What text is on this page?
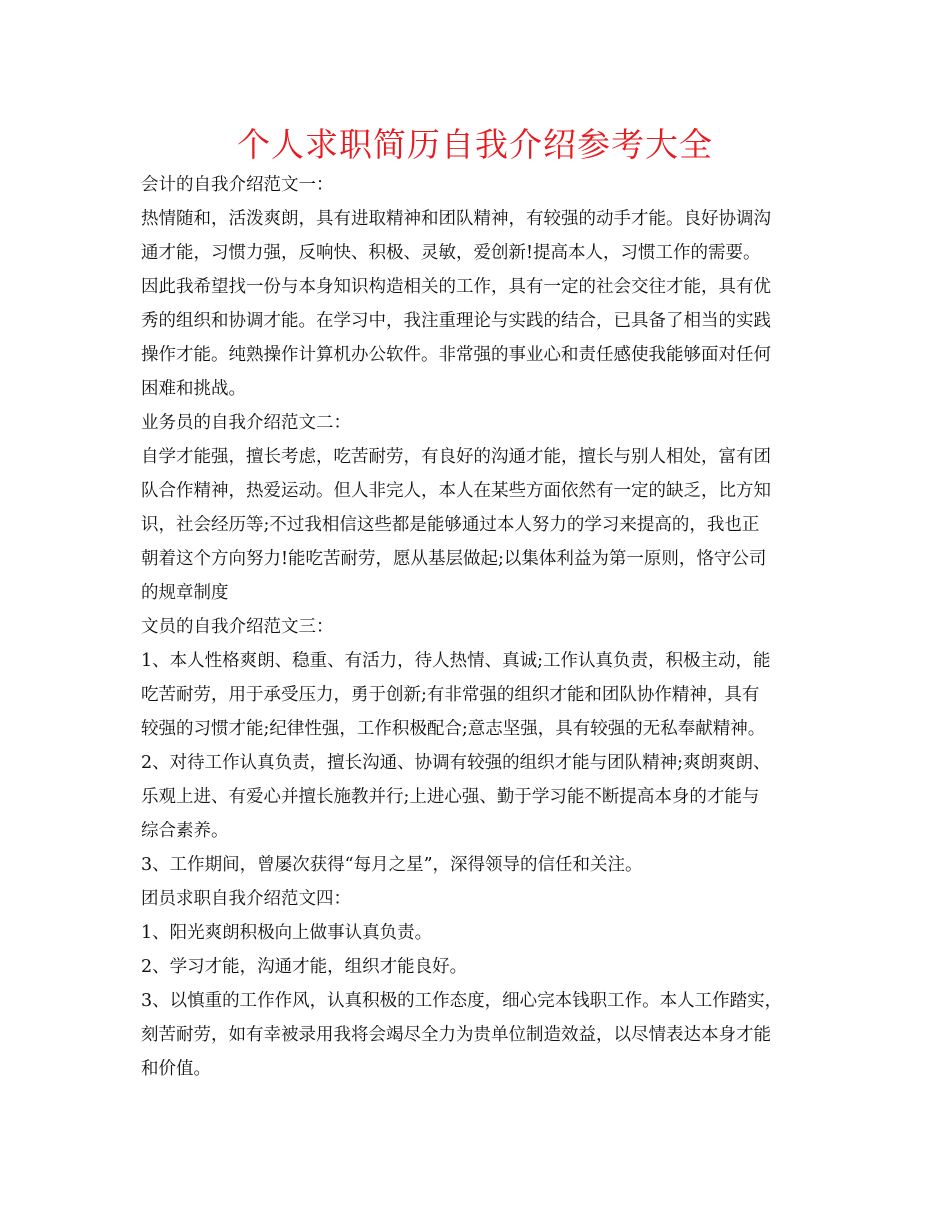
个人求职简历自我介绍参考大全
会计的自我介绍范文一：
热情随和，活泼爽朗，具有进取精神和团队精神，有较强的动手才能。良好协调沟
通才能，习惯力强，反响快、积极、灵敏，爱创新!提高本人，习惯工作的需要。
因此我希望找一份与本身知识构造相关的工作，具有一定的社会交往才能，具有优
秀的组织和协调才能。在学习中，我注重理论与实践的结合，已具备了相当的实践
操作才能。纯熟操作计算机办公软件。非常强的事业心和责任感使我能够面对任何
困难和挑战。
业务员的自我介绍范文二：
自学才能强，擅长考虑，吃苦耐劳，有良好的沟通才能，擅长与别人相处，富有团
队合作精神，热爱运动。但人非完人，本人在某些方面依然有一定的缺乏，比方知
识，社会经历等;不过我相信这些都是能够通过本人努力的学习来提高的，我也正
朝着这个方向努力!能吃苦耐劳，愿从基层做起;以集体利益为第一原则，恪守公司
的规章制度
文员的自我介绍范文三：
1、本人性格爽朗、稳重、有活力，待人热情、真诚;工作认真负责，积极主动，能
吃苦耐劳，用于承受压力，勇于创新;有非常强的组织才能和团队协作精神，具有
较强的习惯才能;纪律性强，工作积极配合;意志坚强，具有较强的无私奉献精神。
2、对待工作认真负责，擅长沟通、协调有较强的组织才能与团队精神;爽朗爽朗、
乐观上进、有爱心并擅长施教并行;上进心强、勤于学习能不断提高本身的才能与
综合素养。
3、工作期间，曾屡次获得“每月之星”，深得领导的信任和关注。
团员求职自我介绍范文四：
1、阳光爽朗积极向上做事认真负责。
2、学习才能，沟通才能，组织才能良好。
3、以慎重的工作作风，认真积极的工作态度，细心完本钱职工作。本人工作踏实，
刻苦耐劳，如有幸被录用我将会竭尽全力为贵单位制造效益，以尽情表达本身才能
和价值。
